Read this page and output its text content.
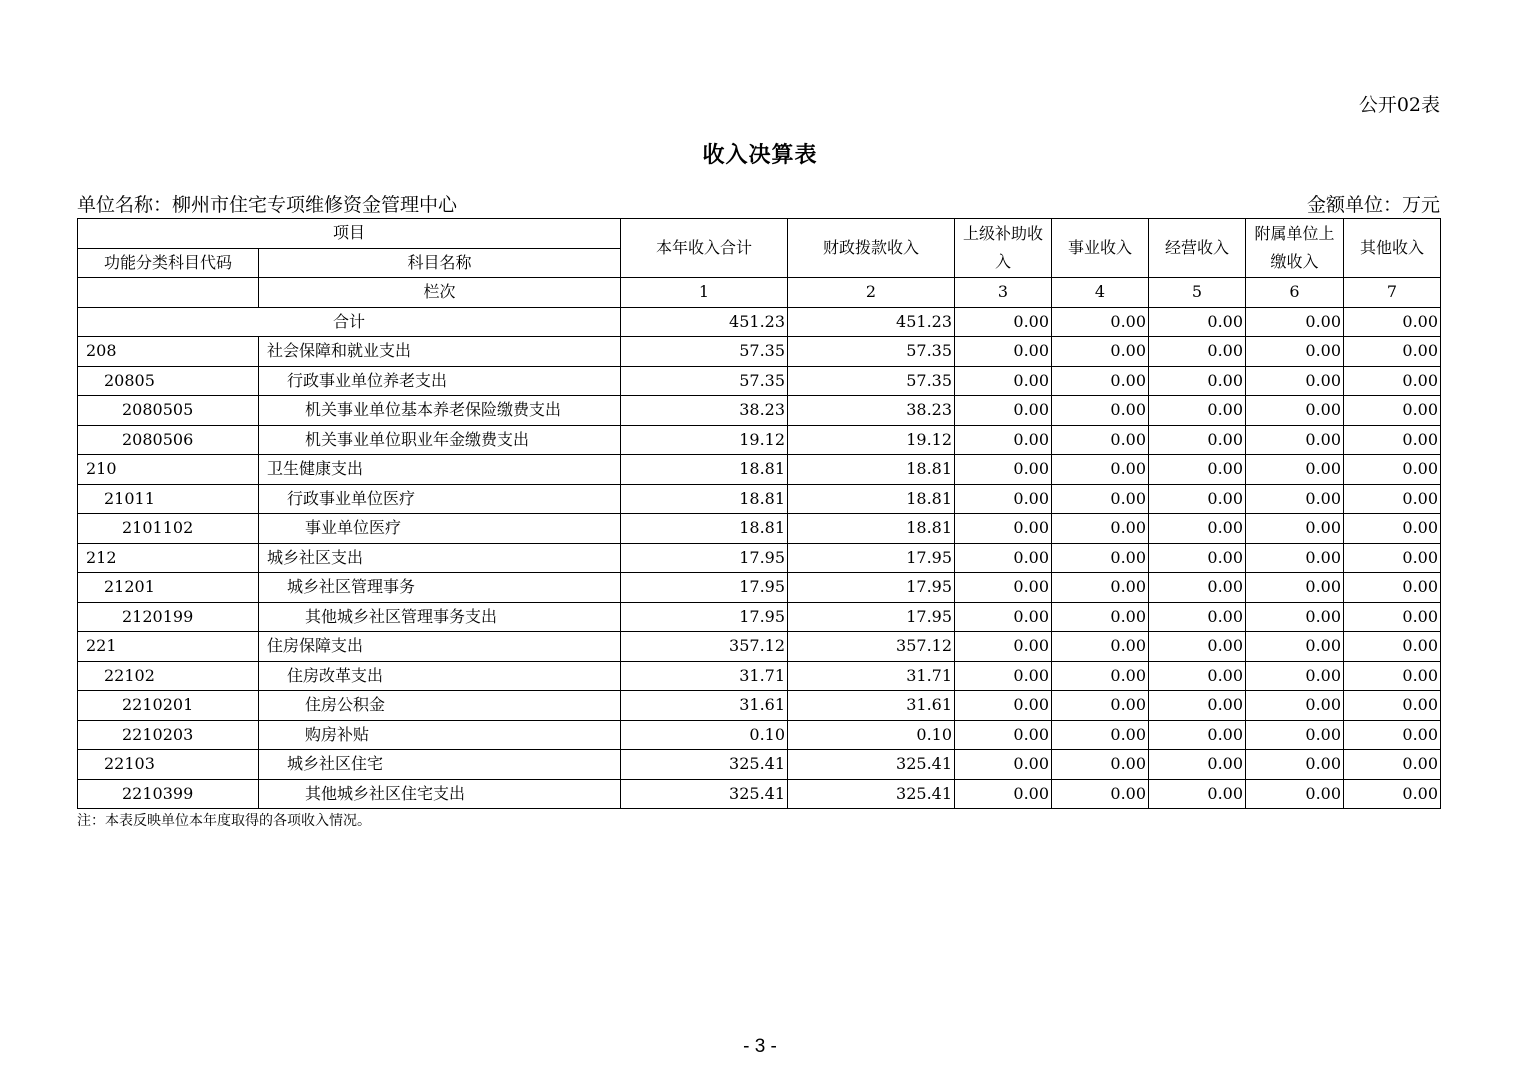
公开02表
收入决算表
单位名称：柳州市住宅专项维修资金管理中心	金额单位：万元
项目		本年收入合计	财政拨款收入	上级补助收入	事业收入	经营收入	附属单位上缴收入	其他收入
功能分类科目代码	科目名称							
	栏次	1	2	3	4	5	6	7
合计		451.23	451.23	0.00	0.00	0.00	0.00	0.00
208	社会保障和就业支出	57.35	57.35	0.00	0.00	0.00	0.00	0.00
20805	行政事业单位养老支出	57.35	57.35	0.00	0.00	0.00	0.00	0.00
2080505	机关事业单位基本养老保险缴费支出	38.23	38.23	0.00	0.00	0.00	0.00	0.00
2080506	机关事业单位职业年金缴费支出	19.12	19.12	0.00	0.00	0.00	0.00	0.00
210	卫生健康支出	18.81	18.81	0.00	0.00	0.00	0.00	0.00
21011	行政事业单位医疗	18.81	18.81	0.00	0.00	0.00	0.00	0.00
2101102	事业单位医疗	18.81	18.81	0.00	0.00	0.00	0.00	0.00
212	城乡社区支出	17.95	17.95	0.00	0.00	0.00	0.00	0.00
21201	城乡社区管理事务	17.95	17.95	0.00	0.00	0.00	0.00	0.00
2120199	其他城乡社区管理事务支出	17.95	17.95	0.00	0.00	0.00	0.00	0.00
221	住房保障支出	357.12	357.12	0.00	0.00	0.00	0.00	0.00
22102	住房改革支出	31.71	31.71	0.00	0.00	0.00	0.00	0.00
2210201	住房公积金	31.61	31.61	0.00	0.00	0.00	0.00	0.00
2210203	购房补贴	0.10	0.10	0.00	0.00	0.00	0.00	0.00
22103	城乡社区住宅	325.41	325.41	0.00	0.00	0.00	0.00	0.00
2210399	其他城乡社区住宅支出	325.41	325.41	0.00	0.00	0.00	0.00	0.00
注：本表反映单位本年度取得的各项收入情况。
- 3 -
